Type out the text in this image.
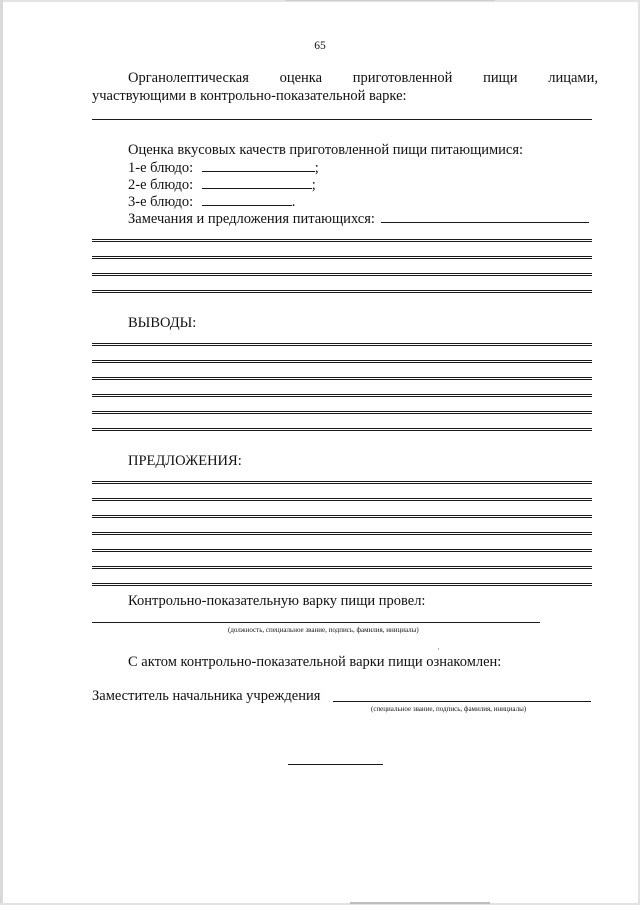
65
Органолептическая оценка приготовленной пищи лицами,
участвующими в контрольно-показательной варке:
Оценка вкусовых качеств приготовленной пищи питающимися:
1-е блюдо:	;
2-е блюдо:	;
3-е блюдо:	.
Замечания и предложения питающихся:
ВЫВОДЫ:
ПРЕДЛОЖЕНИЯ:
Контрольно-показательную варку пищи провел:
(должность, специальное звание, подпись, фамилия, инициалы)
·
С актом контрольно-показательной варки пищи ознакомлен:
Заместитель начальника учреждения
(специальное звание, подпись, фамилия, инициалы)
